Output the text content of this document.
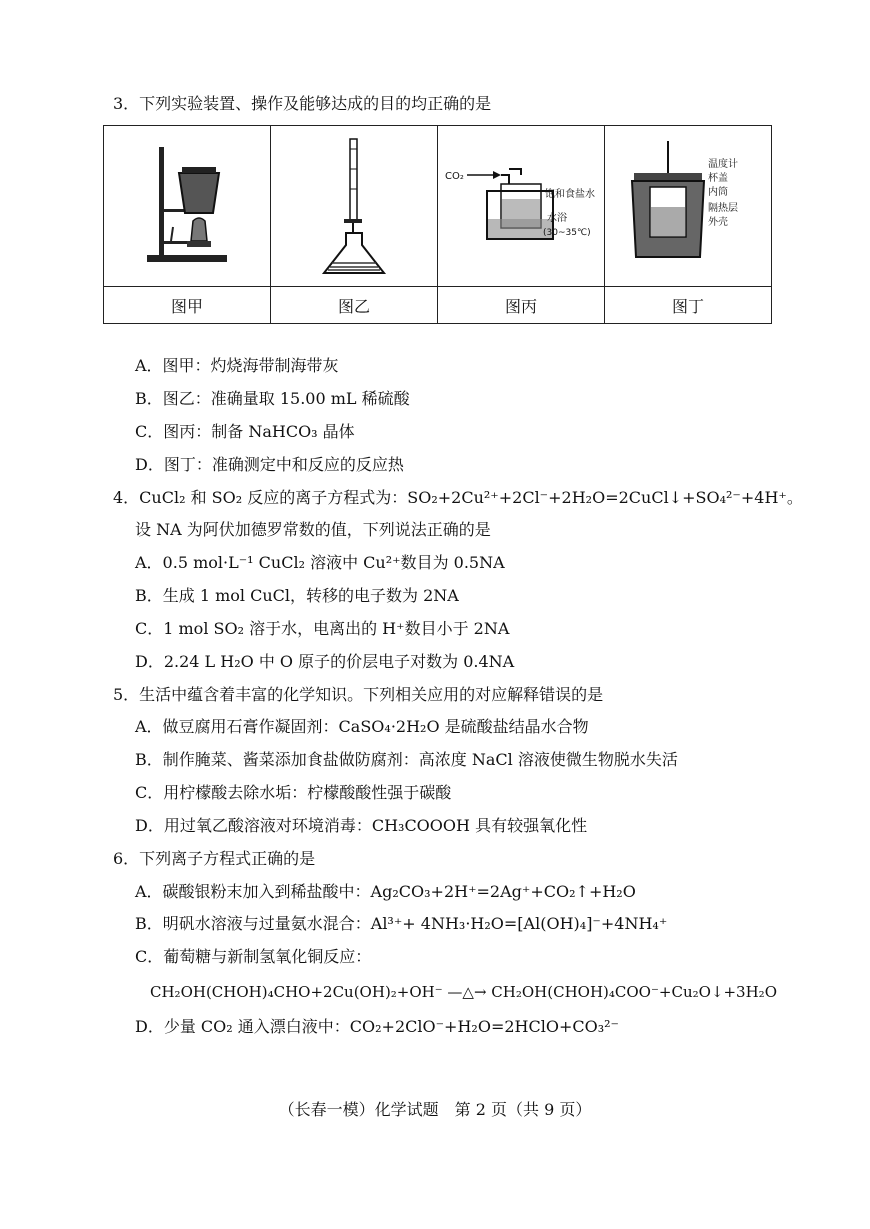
3．下列实验装置、操作及能够达成的目的均正确的是

CO₂
饱和食盐水
水浴
(30~35℃)	温度计
杯盖
内筒
隔热层
外壳

图甲	图乙	图丙	图丁
A．图甲：灼烧海带制海带灰
B．图乙：准确量取 15.00 mL 稀硫酸
C．图丙：制备 NaHCO₃ 晶体
D．图丁：准确测定中和反应的反应热
4．CuCl₂ 和 SO₂ 反应的离子方程式为：SO₂+2Cu²⁺+2Cl⁻+2H₂O=2CuCl↓+SO₄²⁻+4H⁺。
设 NA 为阿伏加德罗常数的值，下列说法正确的是
A．0.5 mol·L⁻¹ CuCl₂ 溶液中 Cu²⁺数目为 0.5NA
B．生成 1 mol CuCl，转移的电子数为 2NA
C．1 mol SO₂ 溶于水，电离出的 H⁺数目小于 2NA
D．2.24 L H₂O 中 O 原子的价层电子对数为 0.4NA
5．生活中蕴含着丰富的化学知识。下列相关应用的对应解释错误的是
A．做豆腐用石膏作凝固剂：CaSO₄·2H₂O 是硫酸盐结晶水合物
B．制作腌菜、酱菜添加食盐做防腐剂：高浓度 NaCl 溶液使微生物脱水失活
C．用柠檬酸去除水垢：柠檬酸酸性强于碳酸
D．用过氧乙酸溶液对环境消毒：CH₃COOOH 具有较强氧化性
6．下列离子方程式正确的是
A．碳酸银粉末加入到稀盐酸中：Ag₂CO₃+2H⁺=2Ag⁺+CO₂↑+H₂O
B．明矾水溶液与过量氨水混合：Al³⁺+ 4NH₃·H₂O=[Al(OH)₄]⁻+4NH₄⁺
C．葡萄糖与新制氢氧化铜反应：
CH₂OH(CHOH)₄CHO+2Cu(OH)₂+OH⁻ —△→ CH₂OH(CHOH)₄COO⁻+Cu₂O↓+3H₂O
D．少量 CO₂ 通入漂白液中：CO₂+2ClO⁻+H₂O=2HClO+CO₃²⁻
（长春一模）化学试题　第 2 页（共 9 页）
